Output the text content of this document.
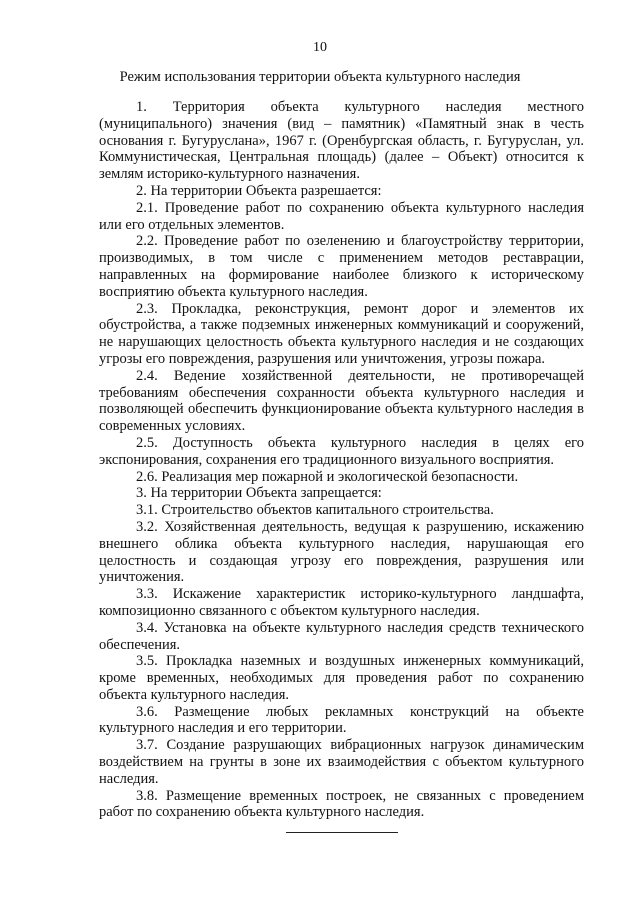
10
Режим использования территории объекта культурного наследия

1. Территория объекта культурного наследия местного (муниципального) значения (вид – памятник) «Памятный знак в честь основания г. Бугуруслана», 1967 г. (Оренбургская область, г. Бугуруслан, ул. Коммунистическая, Центральная площадь) (далее – Объект) относится к землям историко-культурного назначения.

2. На территории Объекта разрешается:

2.1. Проведение работ по сохранению объекта культурного наследия или его отдельных элементов.

2.2. Проведение работ по озеленению и благоустройству территории, производимых, в том числе с применением методов реставрации, направленных на формирование наиболее близкого к историческому восприятию объекта культурного наследия.

2.3. Прокладка, реконструкция, ремонт дорог и элементов их обустройства, а также подземных инженерных коммуникаций и сооружений, не нарушающих целостность объекта культурного наследия и не создающих угрозы его повреждения, разрушения или уничтожения, угрозы пожара.

2.4. Ведение хозяйственной деятельности, не противоречащей требованиям обеспечения сохранности объекта культурного наследия и позволяющей обеспечить функционирование объекта культурного наследия в современных условиях.

2.5. Доступность объекта культурного наследия в целях его экспонирования, сохранения его традиционного визуального восприятия.

2.6. Реализация мер пожарной и экологической безопасности.

3. На территории Объекта запрещается:

3.1. Строительство объектов капитального строительства.

3.2. Хозяйственная деятельность, ведущая к разрушению, искажению внешнего облика объекта культурного наследия, нарушающая его целостность и создающая угрозу его повреждения, разрушения или уничтожения.

3.3. Искажение характеристик историко-культурного ландшафта, композиционно связанного с объектом культурного наследия.

3.4. Установка на объекте культурного наследия средств технического обеспечения.

3.5. Прокладка наземных и воздушных инженерных коммуникаций, кроме временных, необходимых для проведения работ по сохранению объекта культурного наследия.

3.6. Размещение любых рекламных конструкций на объекте культурного наследия и его территории.

3.7. Создание разрушающих вибрационных нагрузок динамическим воздействием на грунты в зоне их взаимодействия с объектом культурного наследия.

3.8. Размещение временных построек, не связанных с проведением работ по сохранению объекта культурного наследия.
